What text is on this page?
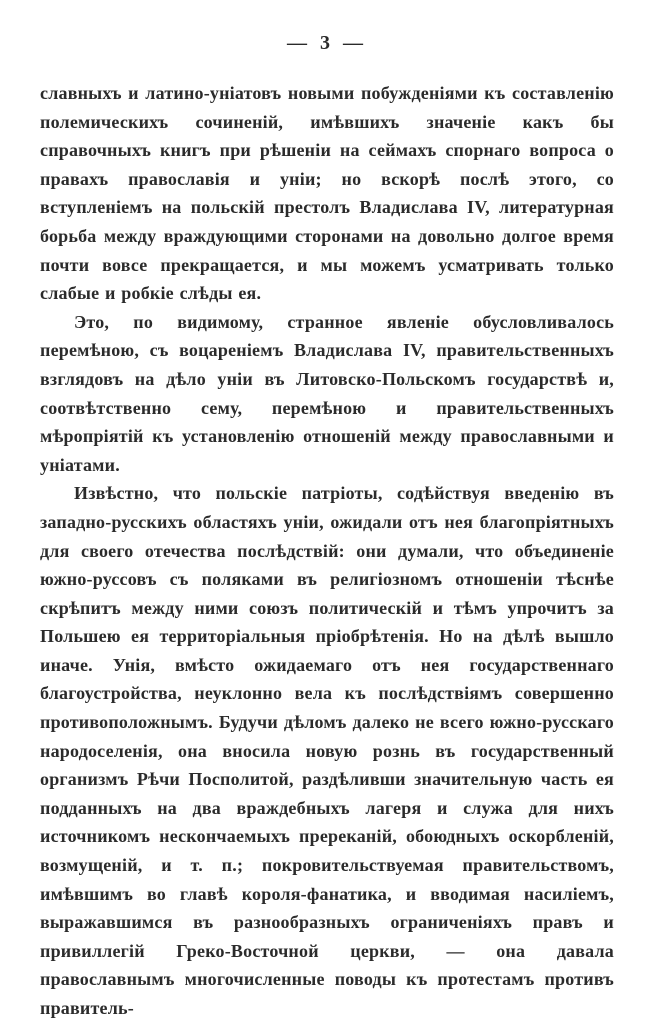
— 3 —

славныхъ и латино-уніатовъ новыми побужденіями къ составленію полемическихъ сочиненій, имѣвшихъ значеніе какъ бы справочныхъ книгъ при рѣшеніи на сеймахъ спорнаго вопроса о правахъ православія и уніи; но вскорѣ послѣ этого, со вступленіемъ на польскій престолъ Владислава IV, литературная борьба между враждующими сторонами на довольно долгое время почти вовсе прекращается, и мы можемъ усматривать только слабые и робкіе слѣды ея.

Это, по видимому, странное явленіе обусловливалось перемѣною, съ воцареніемъ Владислава IV, правительственныхъ взглядовъ на дѣло уніи въ Литовско-Польскомъ государствѣ и, соотвѣтственно сему, перемѣною и правительственныхъ мѣропріятій къ установленію отношеній между православными и уніатами.

Извѣстно, что польскіе патріоты, содѣйствуя введенію въ западно-русскихъ областяхъ уніи, ожидали отъ нея благопріятныхъ для своего отечества послѣдствій: они думали, что объединеніе южно-руссовъ съ поляками въ религіозномъ отношеніи тѣснѣе скрѣпитъ между ними союзъ политическій и тѣмъ упрочитъ за Польшею ея территоріальныя пріобрѣтенія. Но на дѣлѣ вышло иначе. Унія, вмѣсто ожидаемаго отъ нея государственнаго благоустройства, неуклонно вела къ послѣдствіямъ совершенно противоположнымъ. Будучи дѣломъ далеко не всего южно-русскаго народоселенія, она вносила новую рознь въ государственный организмъ Рѣчи Посполитой, раздѣливши значительную часть ея подданныхъ на два враждебныхъ лагеря и служа для нихъ источникомъ нескончаемыхъ пререканій, обоюдныхъ оскорбленій, возмущеній, и т. п.; покровительствуемая правительствомъ, имѣвшимъ во главѣ короля-фанатика, и вводимая насиліемъ, выражавшимся въ разнообразныхъ ограниченіяхъ правъ и привиллегій Греко-Восточной церкви, — она давала православнымъ многочисленные поводы къ протестамъ противъ правитель-
